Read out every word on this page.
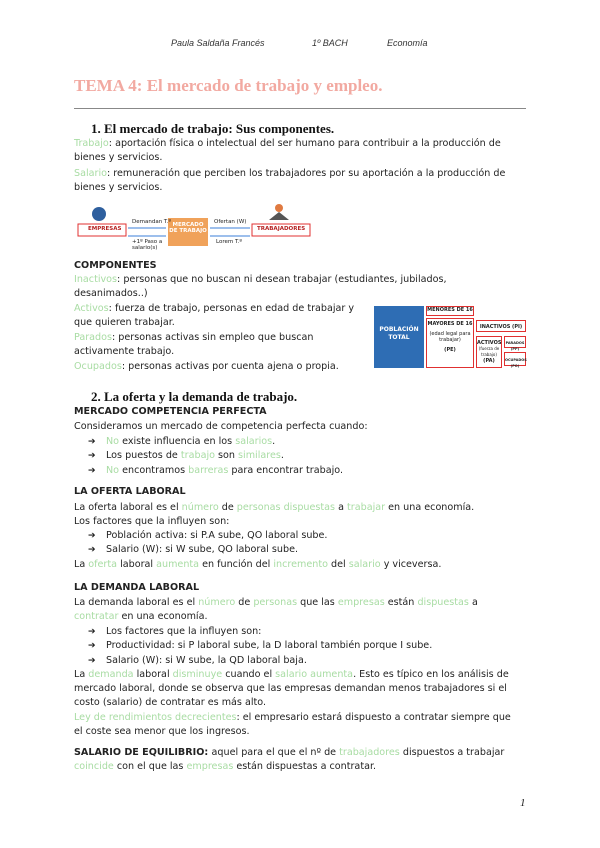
Paula Saldaña Francés	1º BACH	Economía
TEMA 4: El mercado de trabajo y empleo.
1. El mercado de trabajo: Sus componentes.
Trabajo: aportación física o intelectual del ser humano para contribuir a la producción de bienes y servicios.
Salario: remuneración que perciben los trabajadores por su aportación a la producción de bienes y servicios.
EMPRESAS
MERCADO DE TRABAJO	TRABAJADORES
Demandan T.º	Ofertan (W)
+1º Paso a salario(s)
Lorem T.º
COMPONENTES
Inactivos: personas que no buscan ni desean trabajar (estudiantes, jubilados, desanimados..)
Activos: fuerza de trabajo, personas en edad de trabajar y que quieren trabajar.
Parados: personas activas sin empleo que buscan activamente trabajo.
Ocupados: personas activas por cuenta ajena o propia.
POBLACIÓN TOTAL
MENORES DE 16
MAYORES DE 16
(edad legal para trabajar)
(PE)
INACTIVOS (PI)
ACTIVOS
(fuerza de trabajo)
(PA)
PARADOS (PP)
OCUPADOS (PO)
2. La oferta y la demanda de trabajo.
MERCADO COMPETENCIA PERFECTA
Consideramos un mercado de competencia perfecta cuando:
➔ No existe influencia en los salarios.
➔ Los puestos de trabajo son similares.
➔ No encontramos barreras para encontrar trabajo.
LA OFERTA LABORAL
La oferta laboral es el número de personas dispuestas a trabajar en una economía.
Los factores que la influyen son:
➔ Población activa: si P.A sube, QO laboral sube.
➔ Salario (W): si W sube, QO laboral sube.
La oferta laboral aumenta en función del incremento del salario y viceversa.
LA DEMANDA LABORAL
La demanda laboral es el número de personas que las empresas están dispuestas a
contratar en una economía.
➔ Los factores que la influyen son:
➔ Productividad: si P laboral sube, la D laboral también porque I sube.
➔ Salario (W): si W sube, la QD laboral baja.
La demanda laboral disminuye cuando el salario aumenta. Esto es típico en los análisis de
mercado laboral, donde se observa que las empresas demandan menos trabajadores si el
costo (salario) de contratar es más alto.
Ley de rendimientos decrecientes: el empresario estará dispuesto a contratar siempre que
el coste sea menor que los ingresos.
SALARIO DE EQUILIBRIO: aquel para el que el nº de trabajadores dispuestos a trabajar
coincide con el que las empresas están dispuestas a contratar.
1
